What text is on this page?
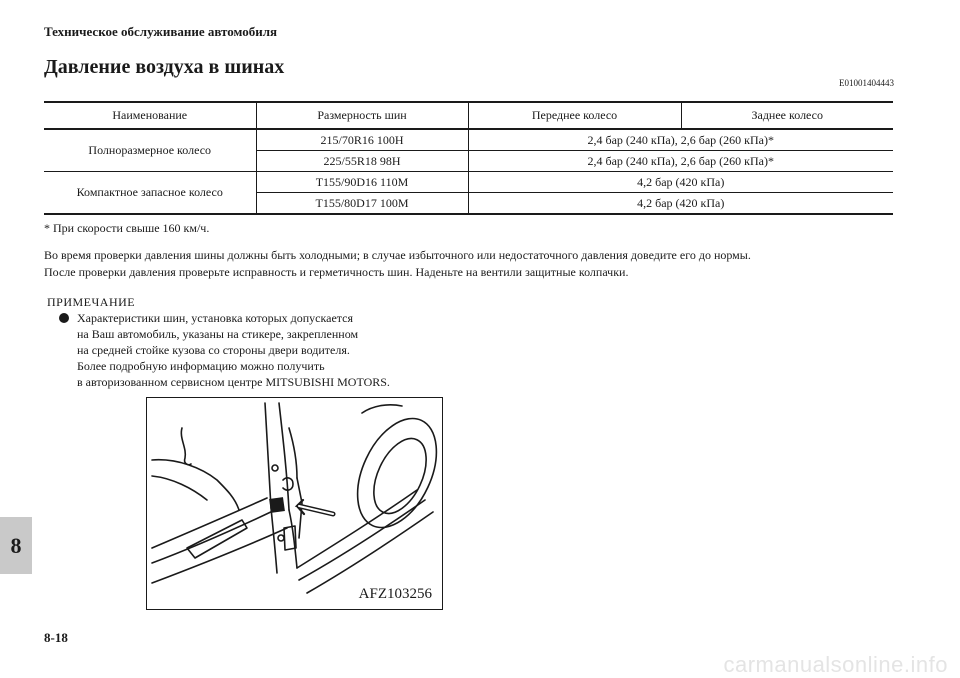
Техническое обслуживание автомобиля
Давление воздуха в шинах
E01001404443
Наименование	Размерность шин	Переднее колесо	Заднее колесо
Полноразмерное колесо	215/70R16 100H	2,4 бар (240 кПа), 2,6 бар (260 кПа)*	
	225/55R18 98H	2,4 бар (240 кПа), 2,6 бар (260 кПа)*	
Компактное запасное колесо	T155/90D16 110M	4,2 бар (420 кПа)	
	T155/80D17 100M	4,2 бар (420 кПа)	
* При скорости свыше 160 км/ч.
Во время проверки давления шины должны быть холодными; в случае избыточного или недостаточного давления доведите его до нормы.
После проверки давления проверьте исправность и герметичность шин. Наденьте на вентили защитные колпачки.
ПРИМЕЧАНИЕ
Характеристики шин, установка которых допускается
на Ваш автомобиль, указаны на стикере, закрепленном
на средней стойке кузова со стороны двери водителя.
Более подробную информацию можно получить
в авторизованном сервисном центре MITSUBISHI MOTORS.
AFZ103256
8
8-18
carmanualsonline.info
